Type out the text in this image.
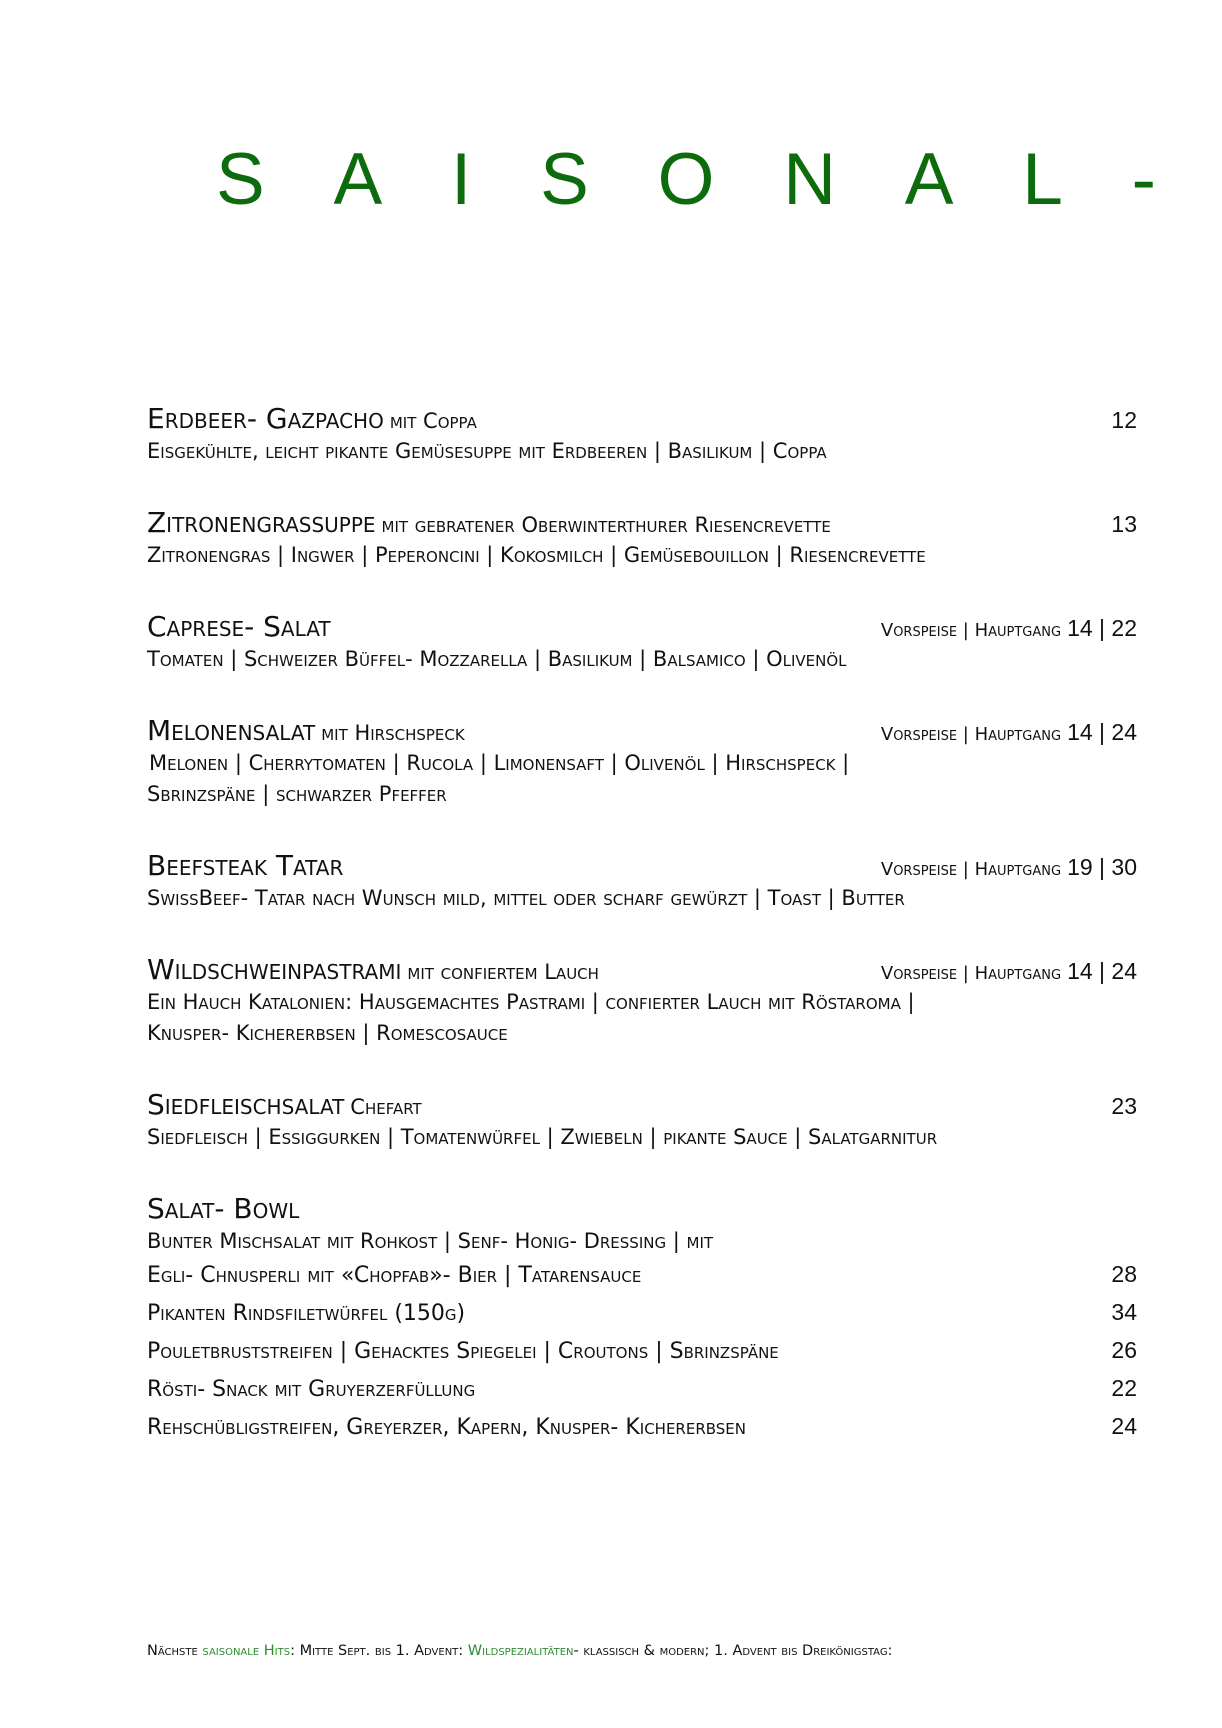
S A I S O N A L -
Erdbeer- Gazpacho mit Coppa	12
Eisgekühlte, leicht pikante Gemüsesuppe mit Erdbeeren | Basilikum | Coppa
Zitronengrassuppe mit gebratener Oberwinterthurer Riesencrevette	13
Zitronengras | Ingwer | Peperoncini | Kokosmilch | Gemüsebouillon | Riesencrevette
Caprese- Salat	Vorspeise | Hauptgang 14 | 22
Tomaten | Schweizer Büffel- Mozzarella | Basilikum | Balsamico | Olivenöl
Melonensalat mit Hirschspeck	Vorspeise | Hauptgang 14 | 24
Melonen | Cherrytomaten | Rucola | Limonensaft | Olivenöl | Hirschspeck |
Sbrinzspäne | schwarzer Pfeffer
Beefsteak Tatar	Vorspeise | Hauptgang 19 | 30
SwissBeef- Tatar nach Wunsch mild, mittel oder scharf gewürzt | Toast | Butter
Wildschweinpastrami mit confiertem Lauch	Vorspeise | Hauptgang 14 | 24
Ein Hauch Katalonien: Hausgemachtes Pastrami | confierter Lauch mit Röstaroma |
Knusper- Kichererbsen | Romescosauce
Siedfleischsalat Chefart	23
Siedfleisch | Essiggurken | Tomatenwürfel | Zwiebeln | pikante Sauce | Salatgarnitur
Salat- Bowl
Bunter Mischsalat mit Rohkost | Senf- Honig- Dressing | mit
Egli- Chnusperli mit «Chopfab»- Bier | Tatarensauce	28
Pikanten Rindsfiletwürfel (150g)	34
Pouletbruststreifen | Gehacktes Spiegelei | Croutons | Sbrinzspäne	26
Rösti- Snack mit Gruyerzerfüllung	22
Rehschübligstreifen, Greyerzer, Kapern, Knusper- Kichererbsen	24
Nächste saisonale Hits: Mitte Sept. bis 1. Advent: Wildspezialitäten- klassisch & modern; 1. Advent bis Dreikönigstag:
